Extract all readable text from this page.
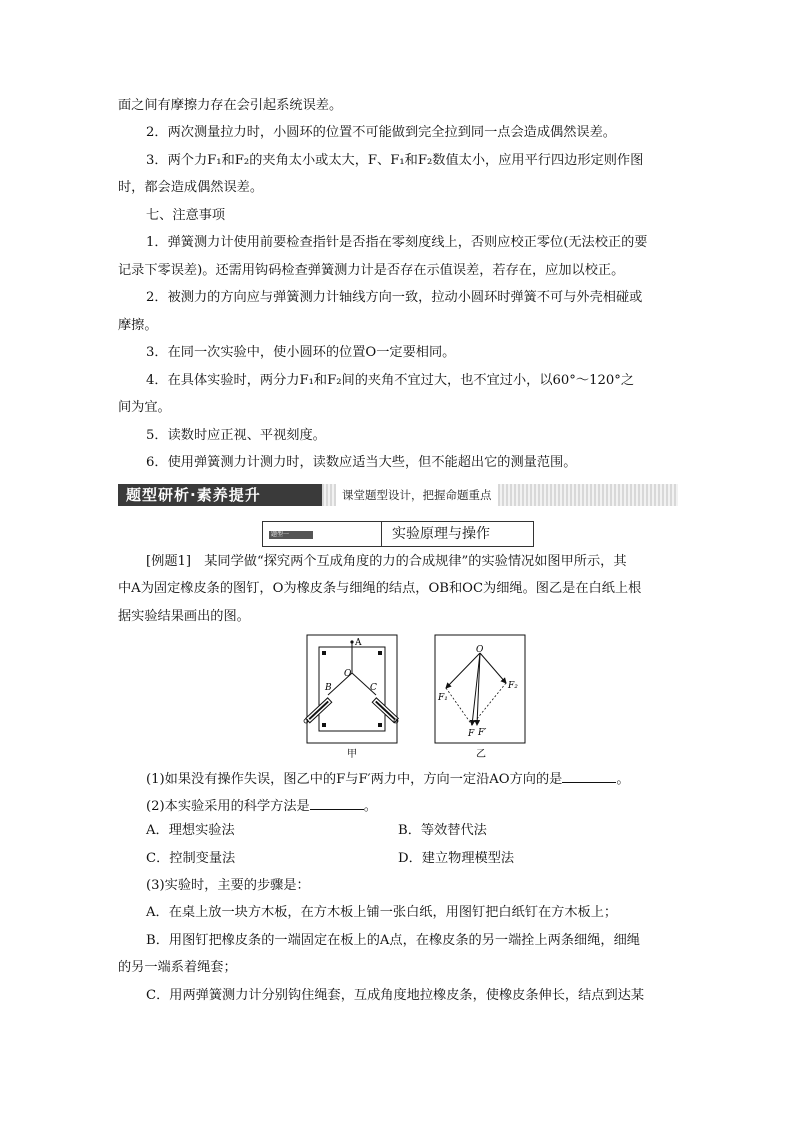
面之间有摩擦力存在会引起系统误差。
2．两次测量拉力时，小圆环的位置不可能做到完全拉到同一点会造成偶然误差。
3．两个力F₁和F₂的夹角太小或太大，F、F₁和F₂数值太小，应用平行四边形定则作图
时，都会造成偶然误差。
七、注意事项
1．弹簧测力计使用前要检查指针是否指在零刻度线上，否则应校正零位(无法校正的要
记录下零误差)。还需用钩码检查弹簧测力计是否存在示值误差，若存在，应加以校正。
2．被测力的方向应与弹簧测力计轴线方向一致，拉动小圆环时弹簧不可与外壳相碰或
摩擦。
3．在同一次实验中，使小圆环的位置O一定要相同。
4．在具体实验时，两分力F₁和F₂间的夹角不宜过大，也不宜过小，以60°～120°之
间为宜。
5．读数时应正视、平视刻度。
6．使用弹簧测力计测力时，读数应适当大些，但不能超出它的测量范围。
题型研析·素养提升	课堂题型设计，把握命题重点
题型一	实验原理与操作
[例题1]　某同学做“探究两个互成角度的力的合成规律”的实验情况如图甲所示，其
中A为固定橡皮条的图钉，O为橡皮条与细绳的结点，OB和OC为细绳。图乙是在白纸上根
据实验结果画出的图。
A
O
B	C
甲
O
F₁
F₂
F F′
乙
(1)如果没有操作失误，图乙中的F与F′两力中，方向一定沿AO方向的是	。
(2)本实验采用的科学方法是	。
A．理想实验法	B．等效替代法
C．控制变量法	D．建立物理模型法
(3)实验时，主要的步骤是：
A．在桌上放一块方木板，在方木板上铺一张白纸，用图钉把白纸钉在方木板上；
B．用图钉把橡皮条的一端固定在板上的A点，在橡皮条的另一端拴上两条细绳，细绳
的另一端系着绳套；
C．用两弹簧测力计分别钩住绳套，互成角度地拉橡皮条，使橡皮条伸长，结点到达某
